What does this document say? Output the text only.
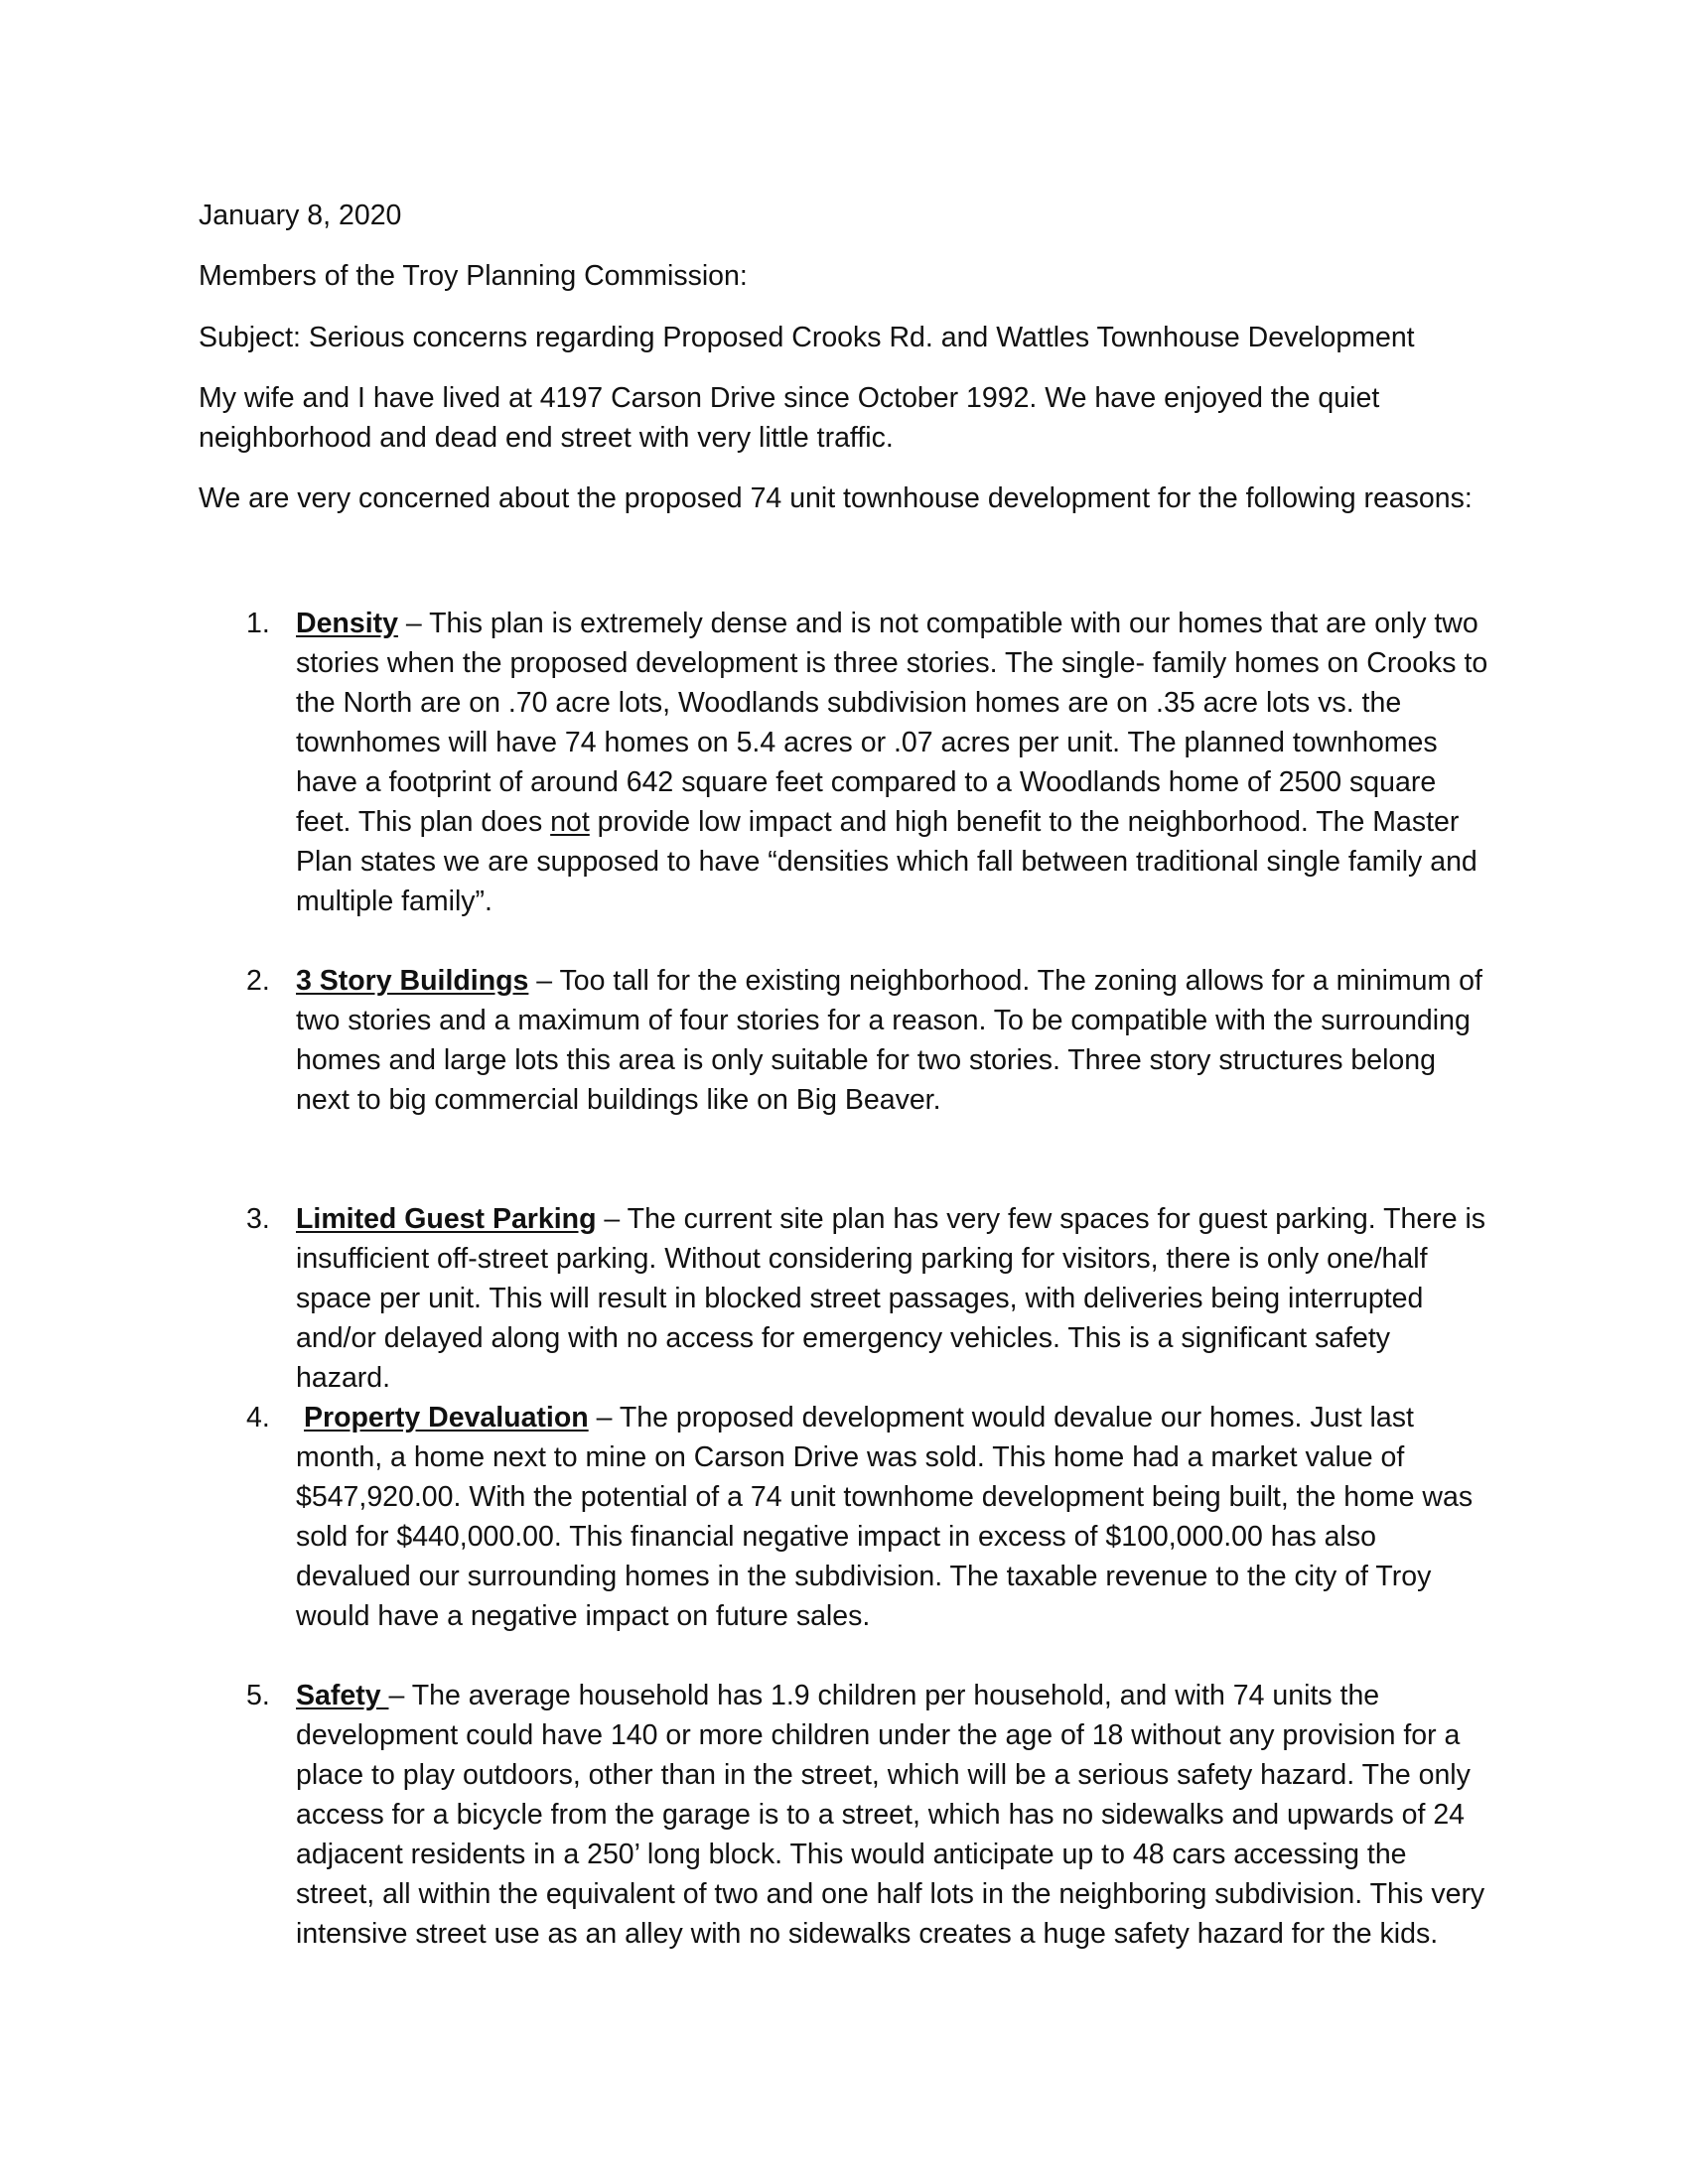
January 8, 2020

Members of the Troy Planning Commission:

Subject: Serious concerns regarding Proposed Crooks Rd. and Wattles Townhouse Development

My wife and I have lived at 4197 Carson Drive since October 1992. We have enjoyed the quiet neighborhood and dead end street with very little traffic.

We are very concerned about the proposed 74 unit townhouse development for the following reasons:

1. Density – This plan is extremely dense and is not compatible with our homes that are only two stories when the proposed development is three stories. The single- family homes on Crooks to the North are on .70 acre lots, Woodlands subdivision homes are on .35 acre lots vs. the townhomes will have 74 homes on 5.4 acres or .07 acres per unit. The planned townhomes have a footprint of around 642 square feet compared to a Woodlands home of 2500 square feet. This plan does not provide low impact and high benefit to the neighborhood. The Master Plan states we are supposed to have “densities which fall between traditional single family and multiple family”.

2. 3 Story Buildings – Too tall for the existing neighborhood. The zoning allows for a minimum of two stories and a maximum of four stories for a reason. To be compatible with the surrounding homes and large lots this area is only suitable for two stories. Three story structures belong next to big commercial buildings like on Big Beaver.

3. Limited Guest Parking – The current site plan has very few spaces for guest parking. There is insufficient off-street parking. Without considering parking for visitors, there is only one/half space per unit. This will result in blocked street passages, with deliveries being interrupted and/or delayed along with no access for emergency vehicles. This is a significant safety hazard.

4.	Property Devaluation – The proposed development would devalue our homes. Just last month, a home next to mine on Carson Drive was sold. This home had a market value of $547,920.00. With the potential of a 74 unit townhome development being built, the home was sold for $440,000.00. This financial negative impact in excess of $100,000.00 has also devalued our surrounding homes in the subdivision. The taxable revenue to the city of Troy would have a negative impact on future sales.

5. Safety – The average household has 1.9 children per household, and with 74 units the development could have 140 or more children under the age of 18 without any provision for a place to play outdoors, other than in the street, which will be a serious safety hazard. The only access for a bicycle from the garage is to a street, which has no sidewalks and upwards of 24 adjacent residents in a 250’ long block. This would anticipate up to 48 cars accessing the street, all within the equivalent of two and one half lots in the neighboring subdivision. This very intensive street use as an alley with no sidewalks creates a huge safety hazard for the kids.
